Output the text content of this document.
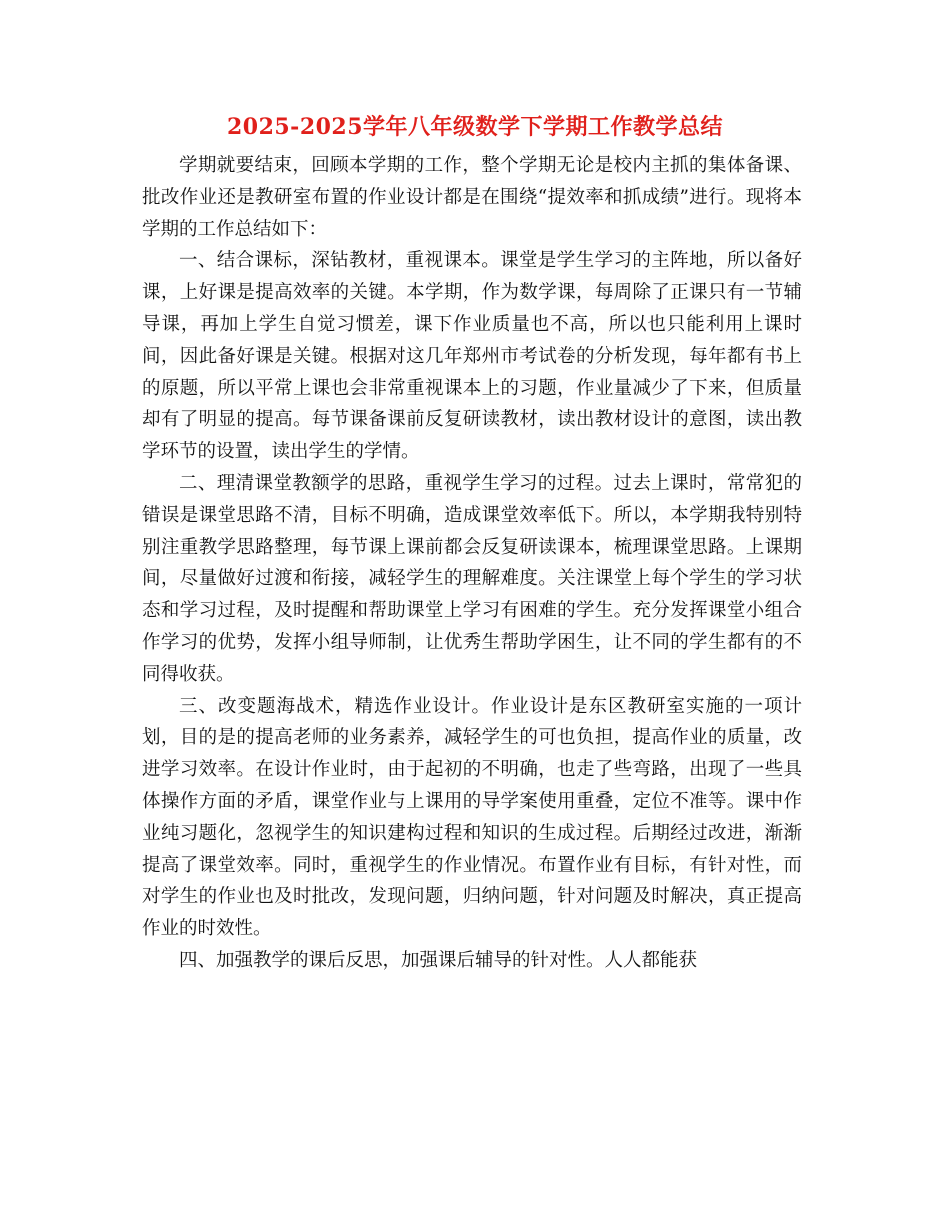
2025-2025学年八年级数学下学期工作教学总结

学期就要结束，回顾本学期的工作，整个学期无论是校内主抓的集体备课、批改作业还是教研室布置的作业设计都是在围绕“提效率和抓成绩”进行。现将本学期的工作总结如下：

一、结合课标，深钻教材，重视课本。课堂是学生学习的主阵地，所以备好课，上好课是提高效率的关键。本学期，作为数学课，每周除了正课只有一节辅导课，再加上学生自觉习惯差，课下作业质量也不高，所以也只能利用上课时间，因此备好课是关键。根据对这几年郑州市考试卷的分析发现，每年都有书上的原题，所以平常上课也会非常重视课本上的习题，作业量减少了下来，但质量却有了明显的提高。每节课备课前反复研读教材，读出教材设计的意图，读出教学环节的设置，读出学生的学情。

二、理清课堂教额学的思路，重视学生学习的过程。过去上课时，常常犯的错误是课堂思路不清，目标不明确，造成课堂效率低下。所以，本学期我特别特别注重教学思路整理，每节课上课前都会反复研读课本，梳理课堂思路。上课期间，尽量做好过渡和衔接，减轻学生的理解难度。关注课堂上每个学生的学习状态和学习过程，及时提醒和帮助课堂上学习有困难的学生。充分发挥课堂小组合作学习的优势，发挥小组导师制，让优秀生帮助学困生，让不同的学生都有的不同得收获。

三、改变题海战术，精选作业设计。作业设计是东区教研室实施的一项计划，目的是的提高老师的业务素养，减轻学生的可也负担，提高作业的质量，改进学习效率。在设计作业时，由于起初的不明确，也走了些弯路，出现了一些具体操作方面的矛盾，课堂作业与上课用的导学案使用重叠，定位不准等。课中作业纯习题化，忽视学生的知识建构过程和知识的生成过程。后期经过改进，渐渐提高了课堂效率。同时，重视学生的作业情况。布置作业有目标，有针对性，而对学生的作业也及时批改，发现问题，归纳问题，针对问题及时解决，真正提高作业的时效性。

四、加强教学的课后反思，加强课后辅导的针对性。人人都能获
